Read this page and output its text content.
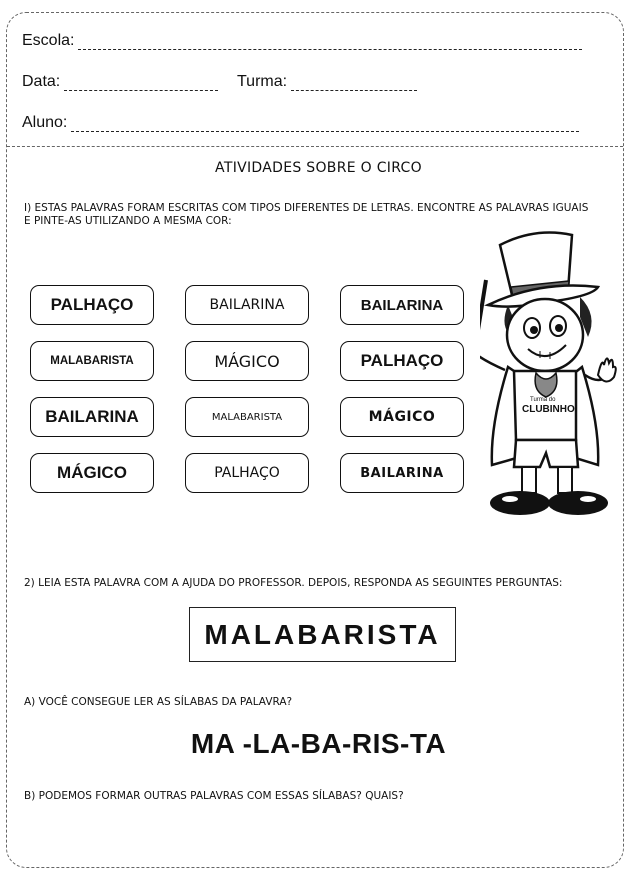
Escola:
Data:	Turma:
Aluno:
ATIVIDADES SOBRE O CIRCO
I) ESTAS PALAVRAS FORAM ESCRITAS COM TIPOS DIFERENTES DE LETRAS. ENCONTRE AS PALAVRAS IGUAIS E PINTE-AS UTILIZANDO A MESMA COR:
PALHAÇO	BAILARINA	BAILARINA
MALABARISTA	MÁGICO	PALHAÇO
BAILARINA	MALABARISTA	MÁGICO
MÁGICO	PALHAÇO	BAILARINA
Turma do
CLUBINHO
2) LEIA ESTA PALAVRA COM A AJUDA DO PROFESSOR. DEPOIS, RESPONDA AS SEGUINTES PERGUNTAS:
MALABARISTA
A) VOCÊ CONSEGUE LER AS SÍLABAS DA PALAVRA?
MA -LA-BA-RIS-TA
B) PODEMOS FORMAR OUTRAS PALAVRAS COM ESSAS SÍLABAS? QUAIS?
